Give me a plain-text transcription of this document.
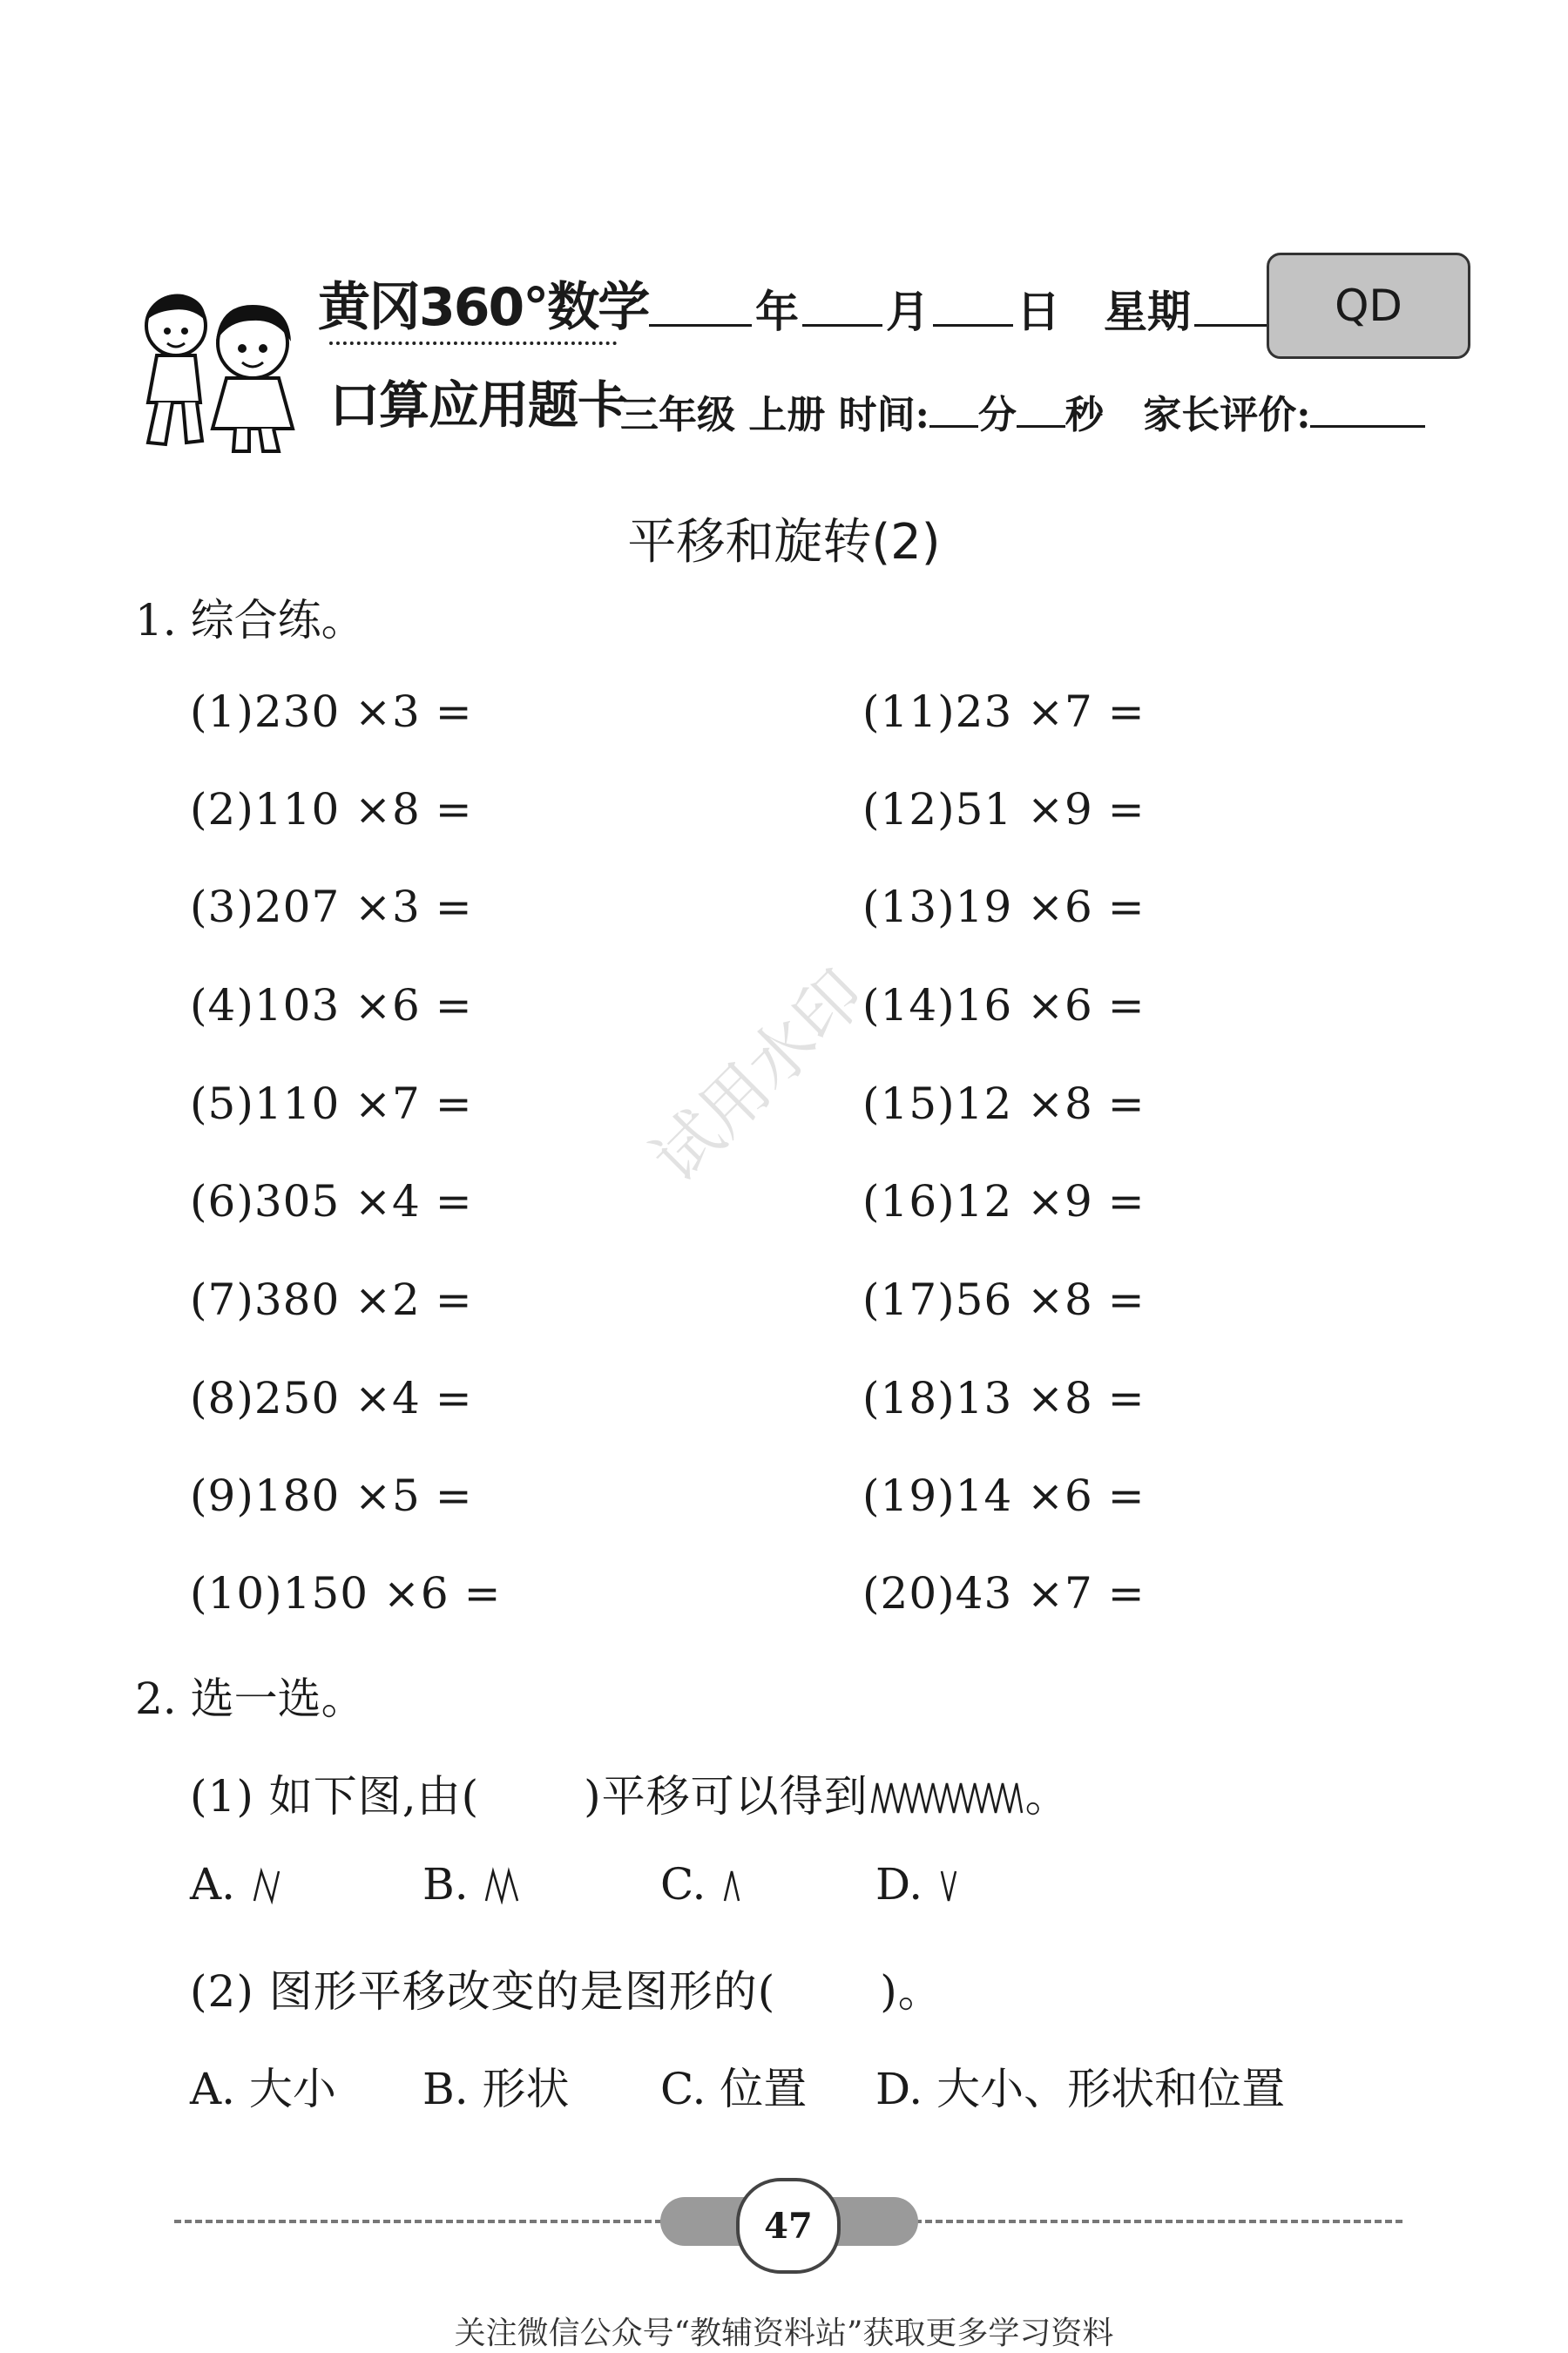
黄冈360°数学
口算应用题卡
年 月 日 星期	QD
三年级 上册 时间: 分 秒 家长评价:
平移和旋转(2)
试用水印
1. 综合练。
(1)230 ×3 =
(2)110 ×8 =
(3)207 ×3 =
(4)103 ×6 =
(5)110 ×7 =
(6)305 ×4 =
(7)380 ×2 =
(8)250 ×4 =
(9)180 ×5 =
(10)150 ×6 =
(11)23 ×7 =
(12)51 ×9 =
(13)19 ×6 =
(14)16 ×6 =
(15)12 ×8 =
(16)12 ×9 =
(17)56 ×8 =
(18)13 ×8 =
(19)14 ×6 =
(20)43 ×7 =
2. 选一选。
(1) 如下图,由( )平移可以得到	。
A.	B.	C.	D.
(2) 图形平移改变的是图形的( )。
A. 大小 B. 形状 C. 位置 D. 大小、形状和位置
47
关注微信公众号“教辅资料站”获取更多学习资料
